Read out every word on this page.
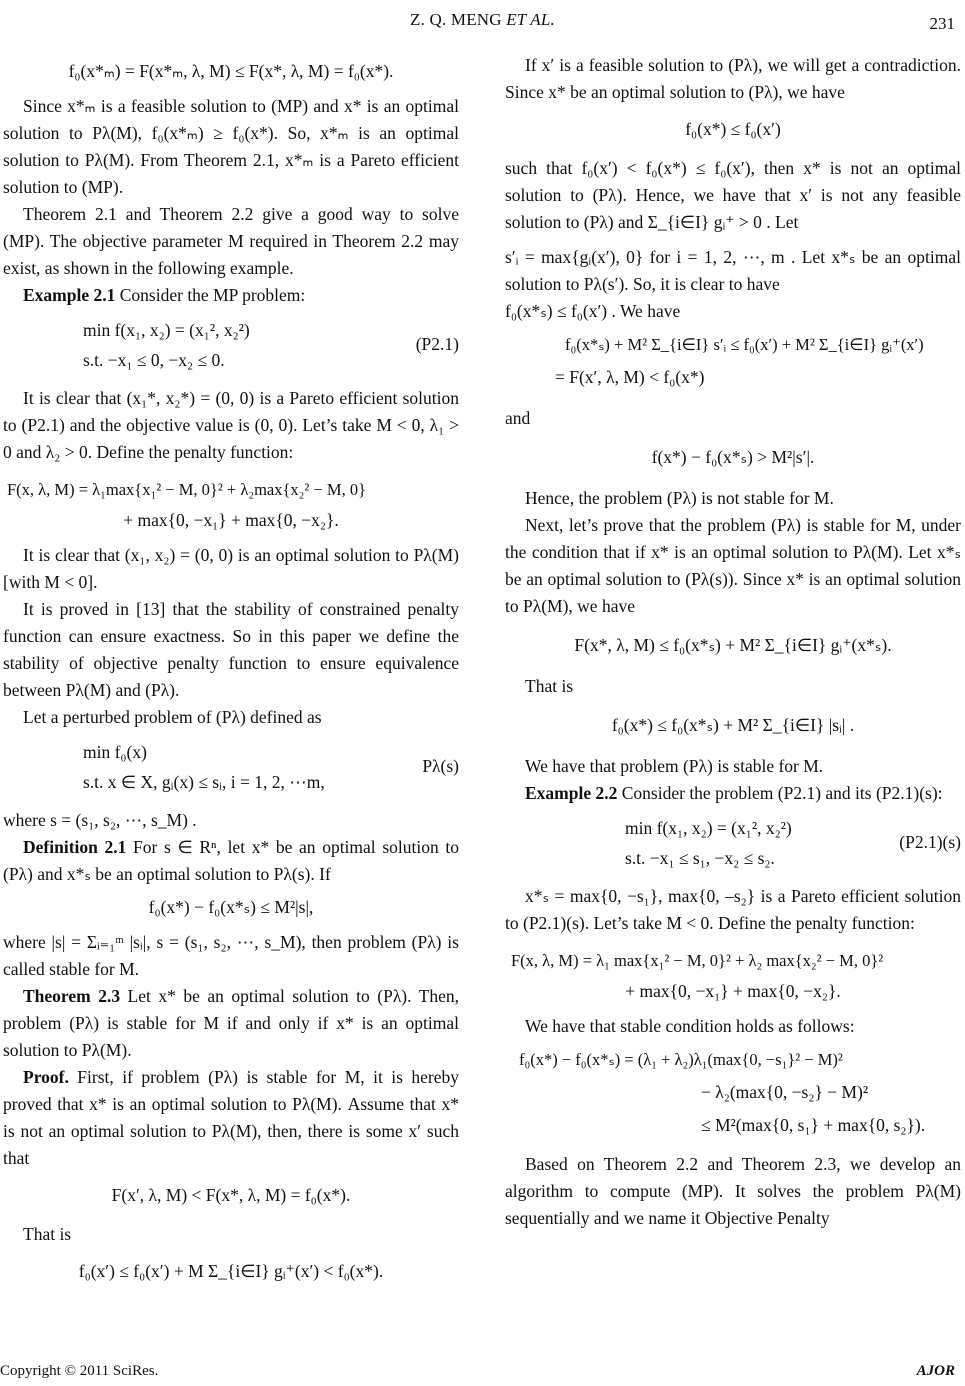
Z. Q. MENG ET AL.	231
f₀(x*ₘ) = F(x*ₘ, λ, M) ≤ F(x*, λ, M) = f₀(x*).

Since x*ₘ is a feasible solution to (MP) and x* is an optimal solution to Pλ(M), f₀(x*ₘ) ≥ f₀(x*). So, x*ₘ is an optimal solution to Pλ(M). From Theorem 2.1, x*ₘ is a Pareto efficient solution to (MP).

Theorem 2.1 and Theorem 2.2 give a good way to solve (MP). The objective parameter M required in Theorem 2.2 may exist, as shown in the following example.

Example 2.1 Consider the MP problem:

min f(x₁, x₂) = (x₁², x₂²)
s.t. −x₁ ≤ 0, −x₂ ≤ 0.
(P2.1)

It is clear that (x₁*, x₂*) = (0, 0) is a Pareto efficient solution to (P2.1) and the objective value is (0, 0). Let’s take M < 0, λ₁ > 0 and λ₂ > 0. Define the penalty function:

F(x, λ, M) = λ₁max{x₁² − M, 0}² + λ₂max{x₂² − M, 0}
+ max{0, −x₁} + max{0, −x₂}.

It is clear that (x₁, x₂) = (0, 0) is an optimal solution to Pλ(M) [with M < 0].

It is proved in [13] that the stability of constrained penalty function can ensure exactness. So in this paper we define the stability of objective penalty function to ensure equivalence between Pλ(M) and (Pλ).

Let a perturbed problem of (Pλ) defined as

min f₀(x)
s.t. x ∈ X, gᵢ(x) ≤ sᵢ, i = 1, 2, ⋯m,
Pλ(s)

where s = (s₁, s₂, ⋯, s_M) .

Definition 2.1 For s ∈ Rⁿ, let x* be an optimal solution to (Pλ) and x*ₛ be an optimal solution to Pλ(s). If

f₀(x*) − f₀(x*ₛ) ≤ M²|s|,

where |s| = Σᵢ₌₁ᵐ |sᵢ|, s = (s₁, s₂, ⋯, s_M), then problem (Pλ) is called stable for M.

Theorem 2.3 Let x* be an optimal solution to (Pλ). Then, problem (Pλ) is stable for M if and only if x* is an optimal solution to Pλ(M).

Proof. First, if problem (Pλ) is stable for M, it is hereby proved that x* is an optimal solution to Pλ(M). Assume that x* is not an optimal solution to Pλ(M), then, there is some x′ such that

F(x′, λ, M) < F(x*, λ, M) = f₀(x*).

That is

f₀(x′) ≤ f₀(x′) + M Σ_{i∈I} gᵢ⁺(x′) < f₀(x*).

If x′ is a feasible solution to (Pλ), we will get a contradiction. Since x* be an optimal solution to (Pλ), we have

f₀(x*) ≤ f₀(x′)

such that f₀(x′) < f₀(x*) ≤ f₀(x′), then x* is not an optimal solution to (Pλ). Hence, we have that x′ is not any feasible solution to (Pλ) and Σ_{i∈I} gᵢ⁺ > 0 . Let

s′ᵢ = max{gᵢ(x′), 0} for i = 1, 2, ⋯, m . Let x*ₛ be an optimal solution to Pλ(s′). So, it is clear to have

f₀(x*ₛ) ≤ f₀(x′) . We have

f₀(x*ₛ) + M² Σ_{i∈I} s′ᵢ ≤ f₀(x′) + M² Σ_{i∈I} gᵢ⁺(x′)
= F(x′, λ, M) < f₀(x*)

and

f(x*) − f₀(x*ₛ) > M²|s′|.

Hence, the problem (Pλ) is not stable for M.

Next, let’s prove that the problem (Pλ) is stable for M, under the condition that if x* is an optimal solution to Pλ(M). Let x*ₛ be an optimal solution to (Pλ(s)). Since x* is an optimal solution to Pλ(M), we have

F(x*, λ, M) ≤ f₀(x*ₛ) + M² Σ_{i∈I} gᵢ⁺(x*ₛ).

That is

f₀(x*) ≤ f₀(x*ₛ) + M² Σ_{i∈I} |sᵢ| .

We have that problem (Pλ) is stable for M.

Example 2.2 Consider the problem (P2.1) and its (P2.1)(s):

min f(x₁, x₂) = (x₁², x₂²)
s.t. −x₁ ≤ s₁, −x₂ ≤ s₂.
(P2.1)(s)

x*ₛ = max{0, −s₁}, max{0, –s₂} is a Pareto efficient solution to (P2.1)(s). Let’s take M < 0. Define the penalty function:

F(x, λ, M) = λ₁ max{x₁² − M, 0}² + λ₂ max{x₂² − M, 0}²
+ max{0, −x₁} + max{0, −x₂}.

We have that stable condition holds as follows:

f₀(x*) − f₀(x*ₛ) = (λ₁ + λ₂)λ₁(max{0, −s₁}² − M)²
− λ₂(max{0, −s₂} − M)²
≤ M²(max{0, s₁} + max{0, s₂}).

Based on Theorem 2.2 and Theorem 2.3, we develop an algorithm to compute (MP). It solves the problem Pλ(M) sequentially and we name it Objective Penalty

Copyright © 2011 SciRes.	AJOR
